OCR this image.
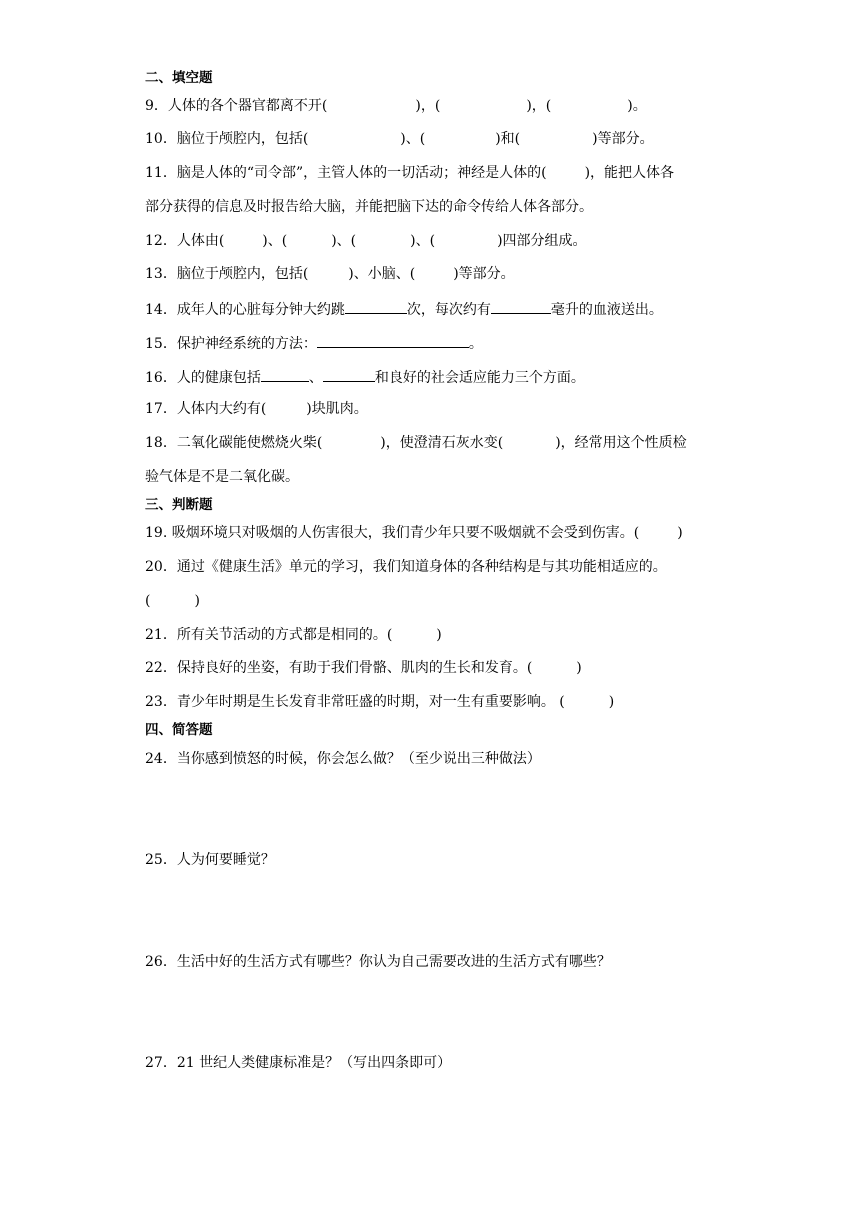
二、填空题
9．人体的各个器官都离不开(	)，(	)，(	)。
10．脑位于颅腔内，包括(	)、(	)和(	)等部分。
11．脑是人体的“司令部”，主管人体的一切活动；神经是人体的(	)，能把人体各
部分获得的信息及时报告给大脑，并能把脑下达的命令传给人体各部分。
12．人体由(	)、(	)、(	)、(	)四部分组成。
13．脑位于颅腔内，包括(	)、小脑、(	)等部分。
14．成年人的心脏每分钟大约跳	次，每次约有	毫升的血液送出。
15．保护神经系统的方法：	。
16．人的健康包括	、	和良好的社会适应能力三个方面。
17．人体内大约有(	)块肌肉。
18．二氧化碳能使燃烧火柴(	)，使澄清石灰水变(	)，经常用这个性质检
验气体是不是二氧化碳。
三、判断题
19. 吸烟环境只对吸烟的人伤害很大，我们青少年只要不吸烟就不会受到伤害。(	)
20．通过《健康生活》单元的学习，我们知道身体的各种结构是与其功能相适应的。
(	)
21．所有关节活动的方式都是相同的。(	)
22．保持良好的坐姿，有助于我们骨骼、肌肉的生长和发育。(	)
23．青少年时期是生长发育非常旺盛的时期，对一生有重要影响。 (	)
四、简答题
24．当你感到愤怒的时候，你会怎么做？（至少说出三种做法）
25．人为何要睡觉？
26．生活中好的生活方式有哪些？你认为自己需要改进的生活方式有哪些？
27．21 世纪人类健康标准是？（写出四条即可）
